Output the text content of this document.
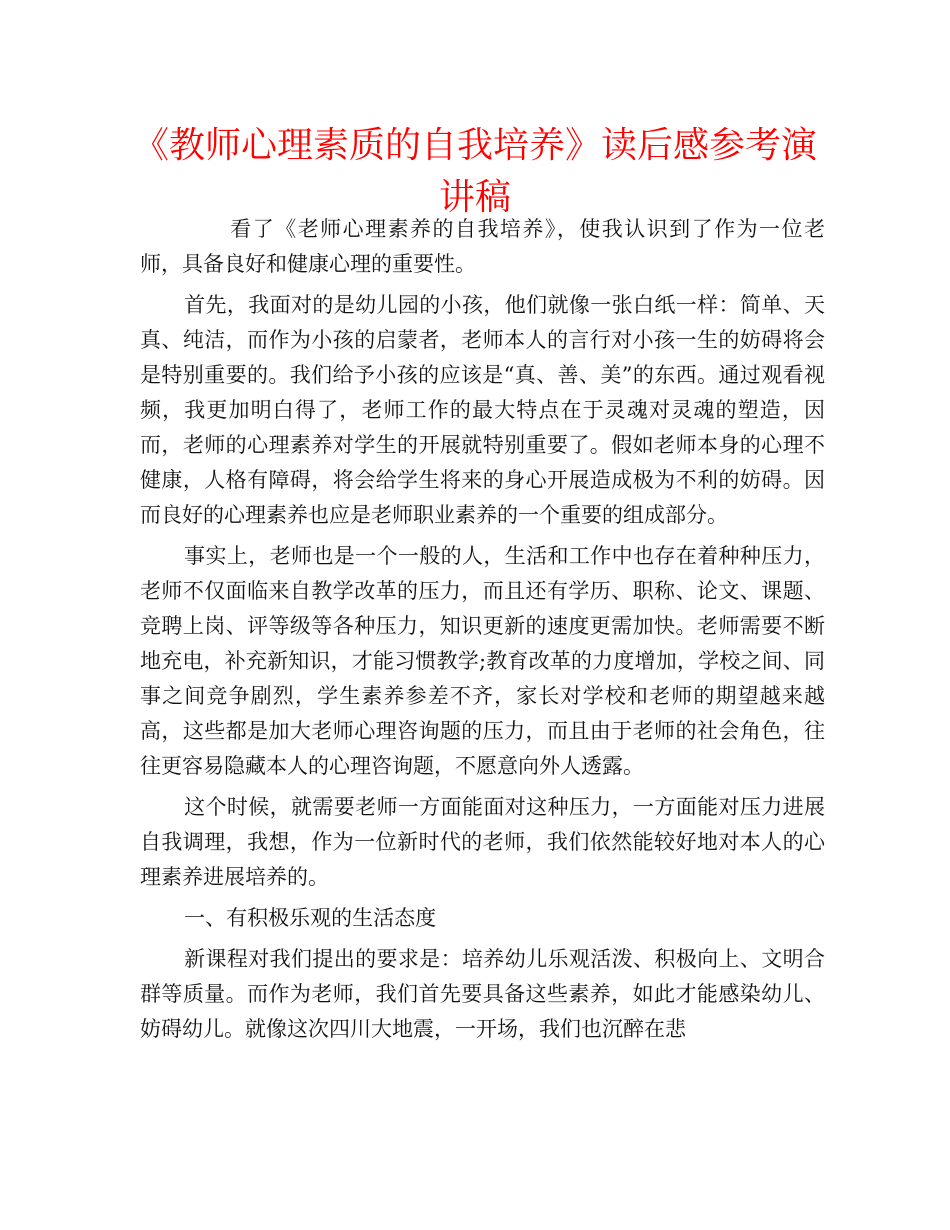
《教师心理素质的自我培养》读后感参考演讲稿

看了《老师心理素养的自我培养》，使我认识到了作为一位老师，具备良好和健康心理的重要性。

首先，我面对的是幼儿园的小孩，他们就像一张白纸一样：简单、天真、纯洁，而作为小孩的启蒙者，老师本人的言行对小孩一生的妨碍将会是特别重要的。我们给予小孩的应该是“真、善、美”的东西。通过观看视频，我更加明白得了，老师工作的最大特点在于灵魂对灵魂的塑造，因而，老师的心理素养对学生的开展就特别重要了。假如老师本身的心理不健康，人格有障碍，将会给学生将来的身心开展造成极为不利的妨碍。因而良好的心理素养也应是老师职业素养的一个重要的组成部分。

事实上，老师也是一个一般的人，生活和工作中也存在着种种压力，老师不仅面临来自教学改革的压力，而且还有学历、职称、论文、课题、竞聘上岗、评等级等各种压力，知识更新的速度更需加快。老师需要不断地充电，补充新知识，才能习惯教学;教育改革的力度增加，学校之间、同事之间竞争剧烈，学生素养参差不齐，家长对学校和老师的期望越来越高，这些都是加大老师心理咨询题的压力，而且由于老师的社会角色，往往更容易隐藏本人的心理咨询题，不愿意向外人透露。

这个时候，就需要老师一方面能面对这种压力，一方面能对压力进展自我调理，我想，作为一位新时代的老师，我们依然能较好地对本人的心理素养进展培养的。

一、有积极乐观的生活态度

新课程对我们提出的要求是：培养幼儿乐观活泼、积极向上、文明合群等质量。而作为老师，我们首先要具备这些素养，如此才能感染幼儿、妨碍幼儿。就像这次四川大地震，一开场，我们也沉醉在悲
